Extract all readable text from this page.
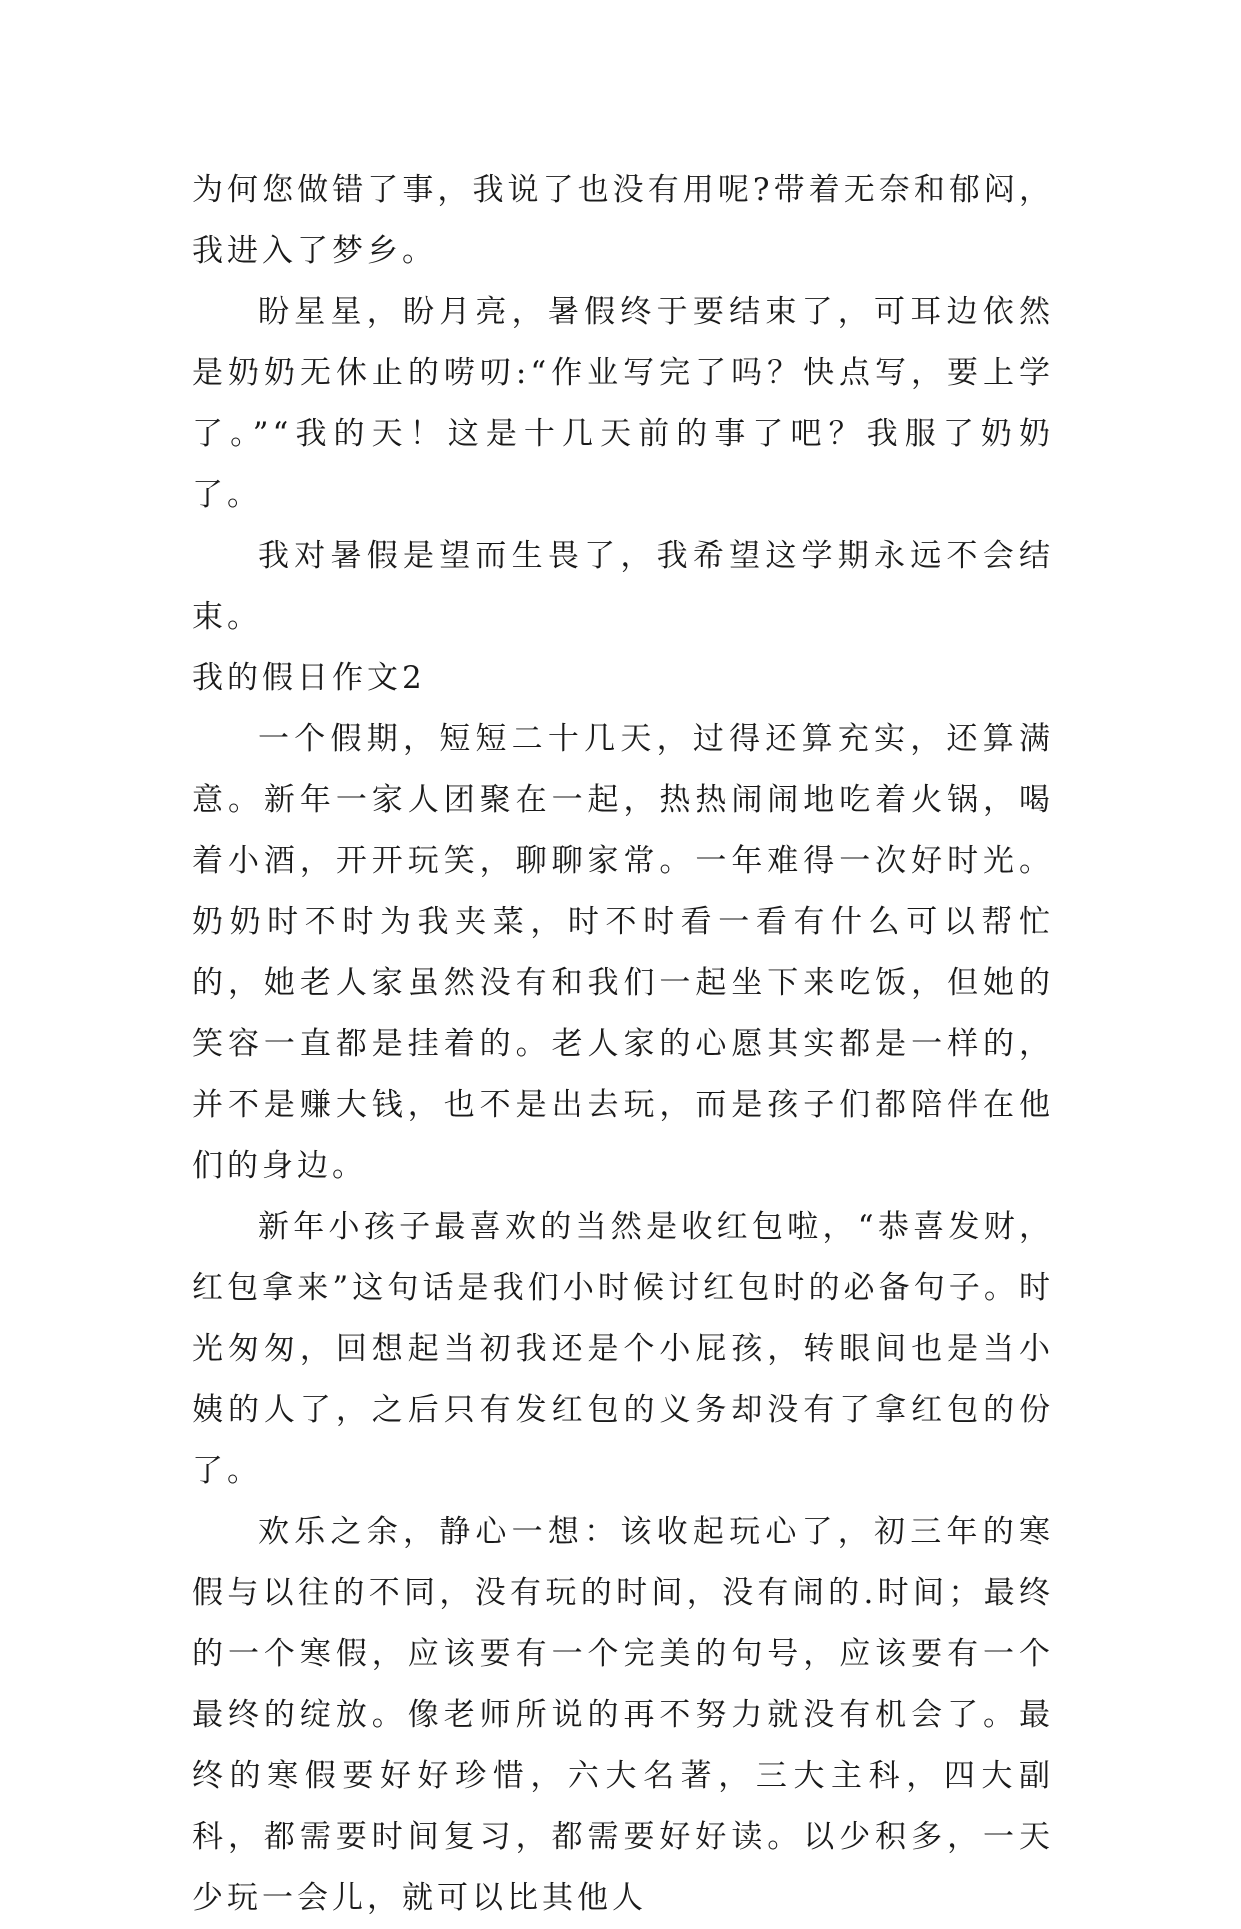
为何您做错了事，我说了也没有用呢?带着无奈和郁闷，我进入了梦乡。

盼星星，盼月亮，暑假终于要结束了，可耳边依然是奶奶无休止的唠叨:“作业写完了吗？快点写，要上学了。”“我的天！这是十几天前的事了吧？我服了奶奶了。

我对暑假是望而生畏了，我希望这学期永远不会结束。

我的假日作文2

一个假期，短短二十几天，过得还算充实，还算满意。新年一家人团聚在一起，热热闹闹地吃着火锅，喝着小酒，开开玩笑，聊聊家常。一年难得一次好时光。奶奶时不时为我夹菜，时不时看一看有什么可以帮忙的，她老人家虽然没有和我们一起坐下来吃饭，但她的笑容一直都是挂着的。老人家的心愿其实都是一样的，并不是赚大钱，也不是出去玩，而是孩子们都陪伴在他们的身边。

新年小孩子最喜欢的当然是收红包啦，“恭喜发财，红包拿来”这句话是我们小时候讨红包时的必备句子。时光匆匆，回想起当初我还是个小屁孩，转眼间也是当小姨的人了，之后只有发红包的义务却没有了拿红包的份了。

欢乐之余，静心一想：该收起玩心了，初三年的寒假与以往的不同，没有玩的时间，没有闹的.时间；最终的一个寒假，应该要有一个完美的句号，应该要有一个最终的绽放。像老师所说的再不努力就没有机会了。最终的寒假要好好珍惜，六大名著，三大主科，四大副科，都需要时间复习，都需要好好读。以少积多，一天少玩一会儿，就可以比其他人
